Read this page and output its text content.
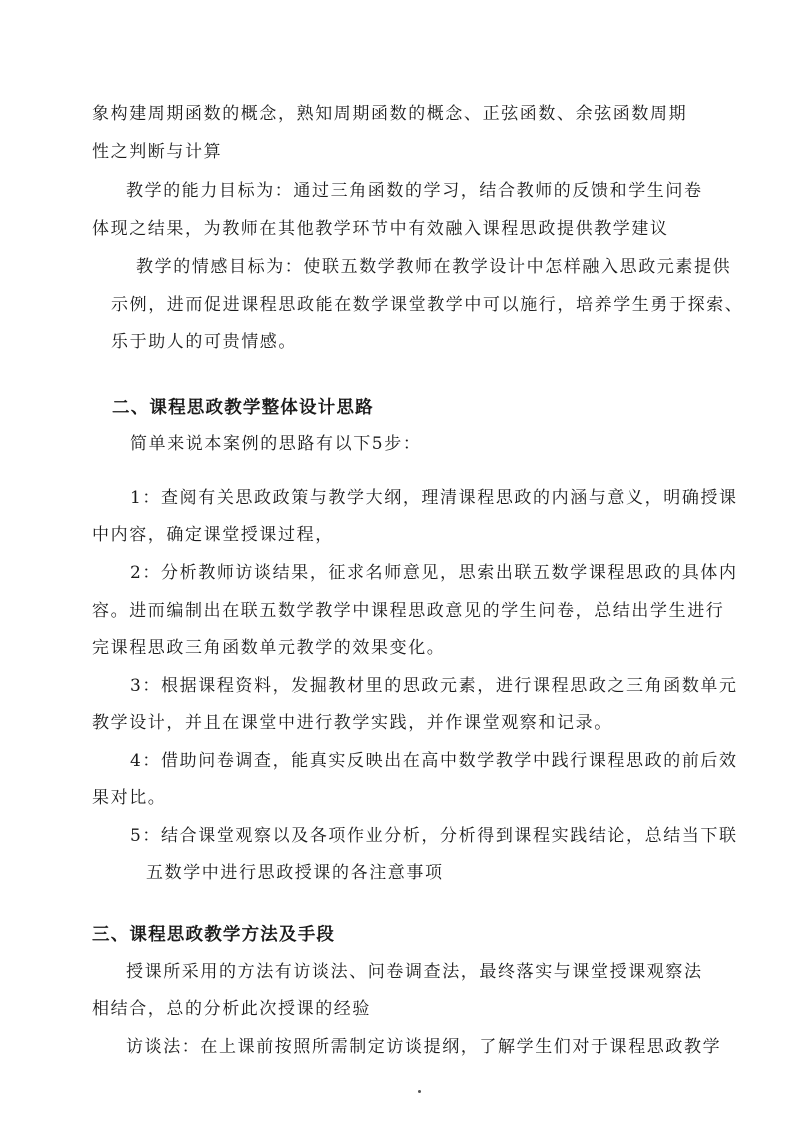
象构建周期函数的概念，熟知周期函数的概念、正弦函数、余弦函数周期
性之判断与计算
教学的能力目标为：通过三角函数的学习，结合教师的反馈和学生问卷
体现之结果，为教师在其他教学环节中有效融入课程思政提供教学建议
教学的情感目标为：使联五数学教师在教学设计中怎样融入思政元素提供
示例，进而促进课程思政能在数学课堂教学中可以施行，培养学生勇于探索、
乐于助人的可贵情感。
二、课程思政教学整体设计思路
简单来说本案例的思路有以下5步：
1：查阅有关思政政策与教学大纲，理清课程思政的内涵与意义，明确授课
中内容，确定课堂授课过程，
2：分析教师访谈结果，征求名师意见，思索出联五数学课程思政的具体内
容。进而编制出在联五数学教学中课程思政意见的学生问卷，总结出学生进行
完课程思政三角函数单元教学的效果变化。
3：根据课程资料，发掘教材里的思政元素，进行课程思政之三角函数单元
教学设计，并且在课堂中进行教学实践，并作课堂观察和记录。
4：借助问卷调查，能真实反映出在高中数学教学中践行课程思政的前后效
果对比。
5：结合课堂观察以及各项作业分析，分析得到课程实践结论，总结当下联
五数学中进行思政授课的各注意事项
三、课程思政教学方法及手段
授课所采用的方法有访谈法、问卷调查法，最终落实与课堂授课观察法
相结合，总的分析此次授课的经验
访谈法：在上课前按照所需制定访谈提纲，了解学生们对于课程思政教学
